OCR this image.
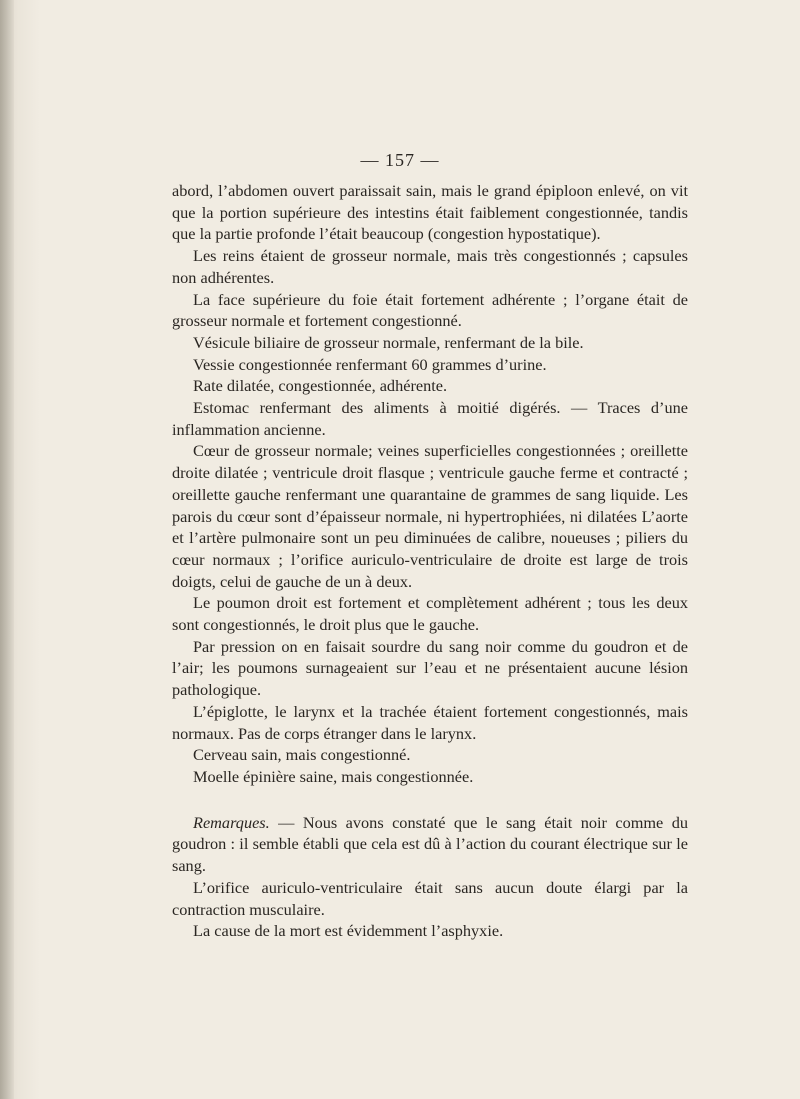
— 157 —

abord, l’abdomen ouvert paraissait sain, mais le grand épiploon enlevé, on vit que la portion supérieure des intestins était faiblement congestionnée, tandis que la partie profonde l’était beaucoup (congestion hypostatique).

Les reins étaient de grosseur normale, mais très congestionnés ; capsules non adhérentes.

La face supérieure du foie était fortement adhérente ; l’organe était de grosseur normale et fortement congestionné.

Vésicule biliaire de grosseur normale, renfermant de la bile.

Vessie congestionnée renfermant 60 grammes d’urine.

Rate dilatée, congestionnée, adhérente.

Estomac renfermant des aliments à moitié digérés. — Traces d’une inflammation ancienne.

Cœur de grosseur normale; veines superficielles congestionnées ; oreillette droite dilatée ; ventricule droit flasque ; ventricule gauche ferme et contracté ; oreillette gauche renfermant une quarantaine de grammes de sang liquide. Les parois du cœur sont d’épaisseur normale, ni hypertrophiées, ni dilatées L’aorte et l’artère pulmonaire sont un peu diminuées de calibre, noueuses ; piliers du cœur normaux ; l’orifice auriculo-ventriculaire de droite est large de trois doigts, celui de gauche de un à deux.

Le poumon droit est fortement et complètement adhérent ; tous les deux sont congestionnés, le droit plus que le gauche.

Par pression on en faisait sourdre du sang noir comme du goudron et de l’air; les poumons surnageaient sur l’eau et ne présentaient aucune lésion pathologique.

L’épiglotte, le larynx et la trachée étaient fortement congestionnés, mais normaux. Pas de corps étranger dans le larynx.

Cerveau sain, mais congestionné.

Moelle épinière saine, mais congestionnée.

Remarques. — Nous avons constaté que le sang était noir comme du goudron : il semble établi que cela est dû à l’action du courant électrique sur le sang.

L’orifice auriculo-ventriculaire était sans aucun doute élargi par la contraction musculaire.

La cause de la mort est évidemment l’asphyxie.
